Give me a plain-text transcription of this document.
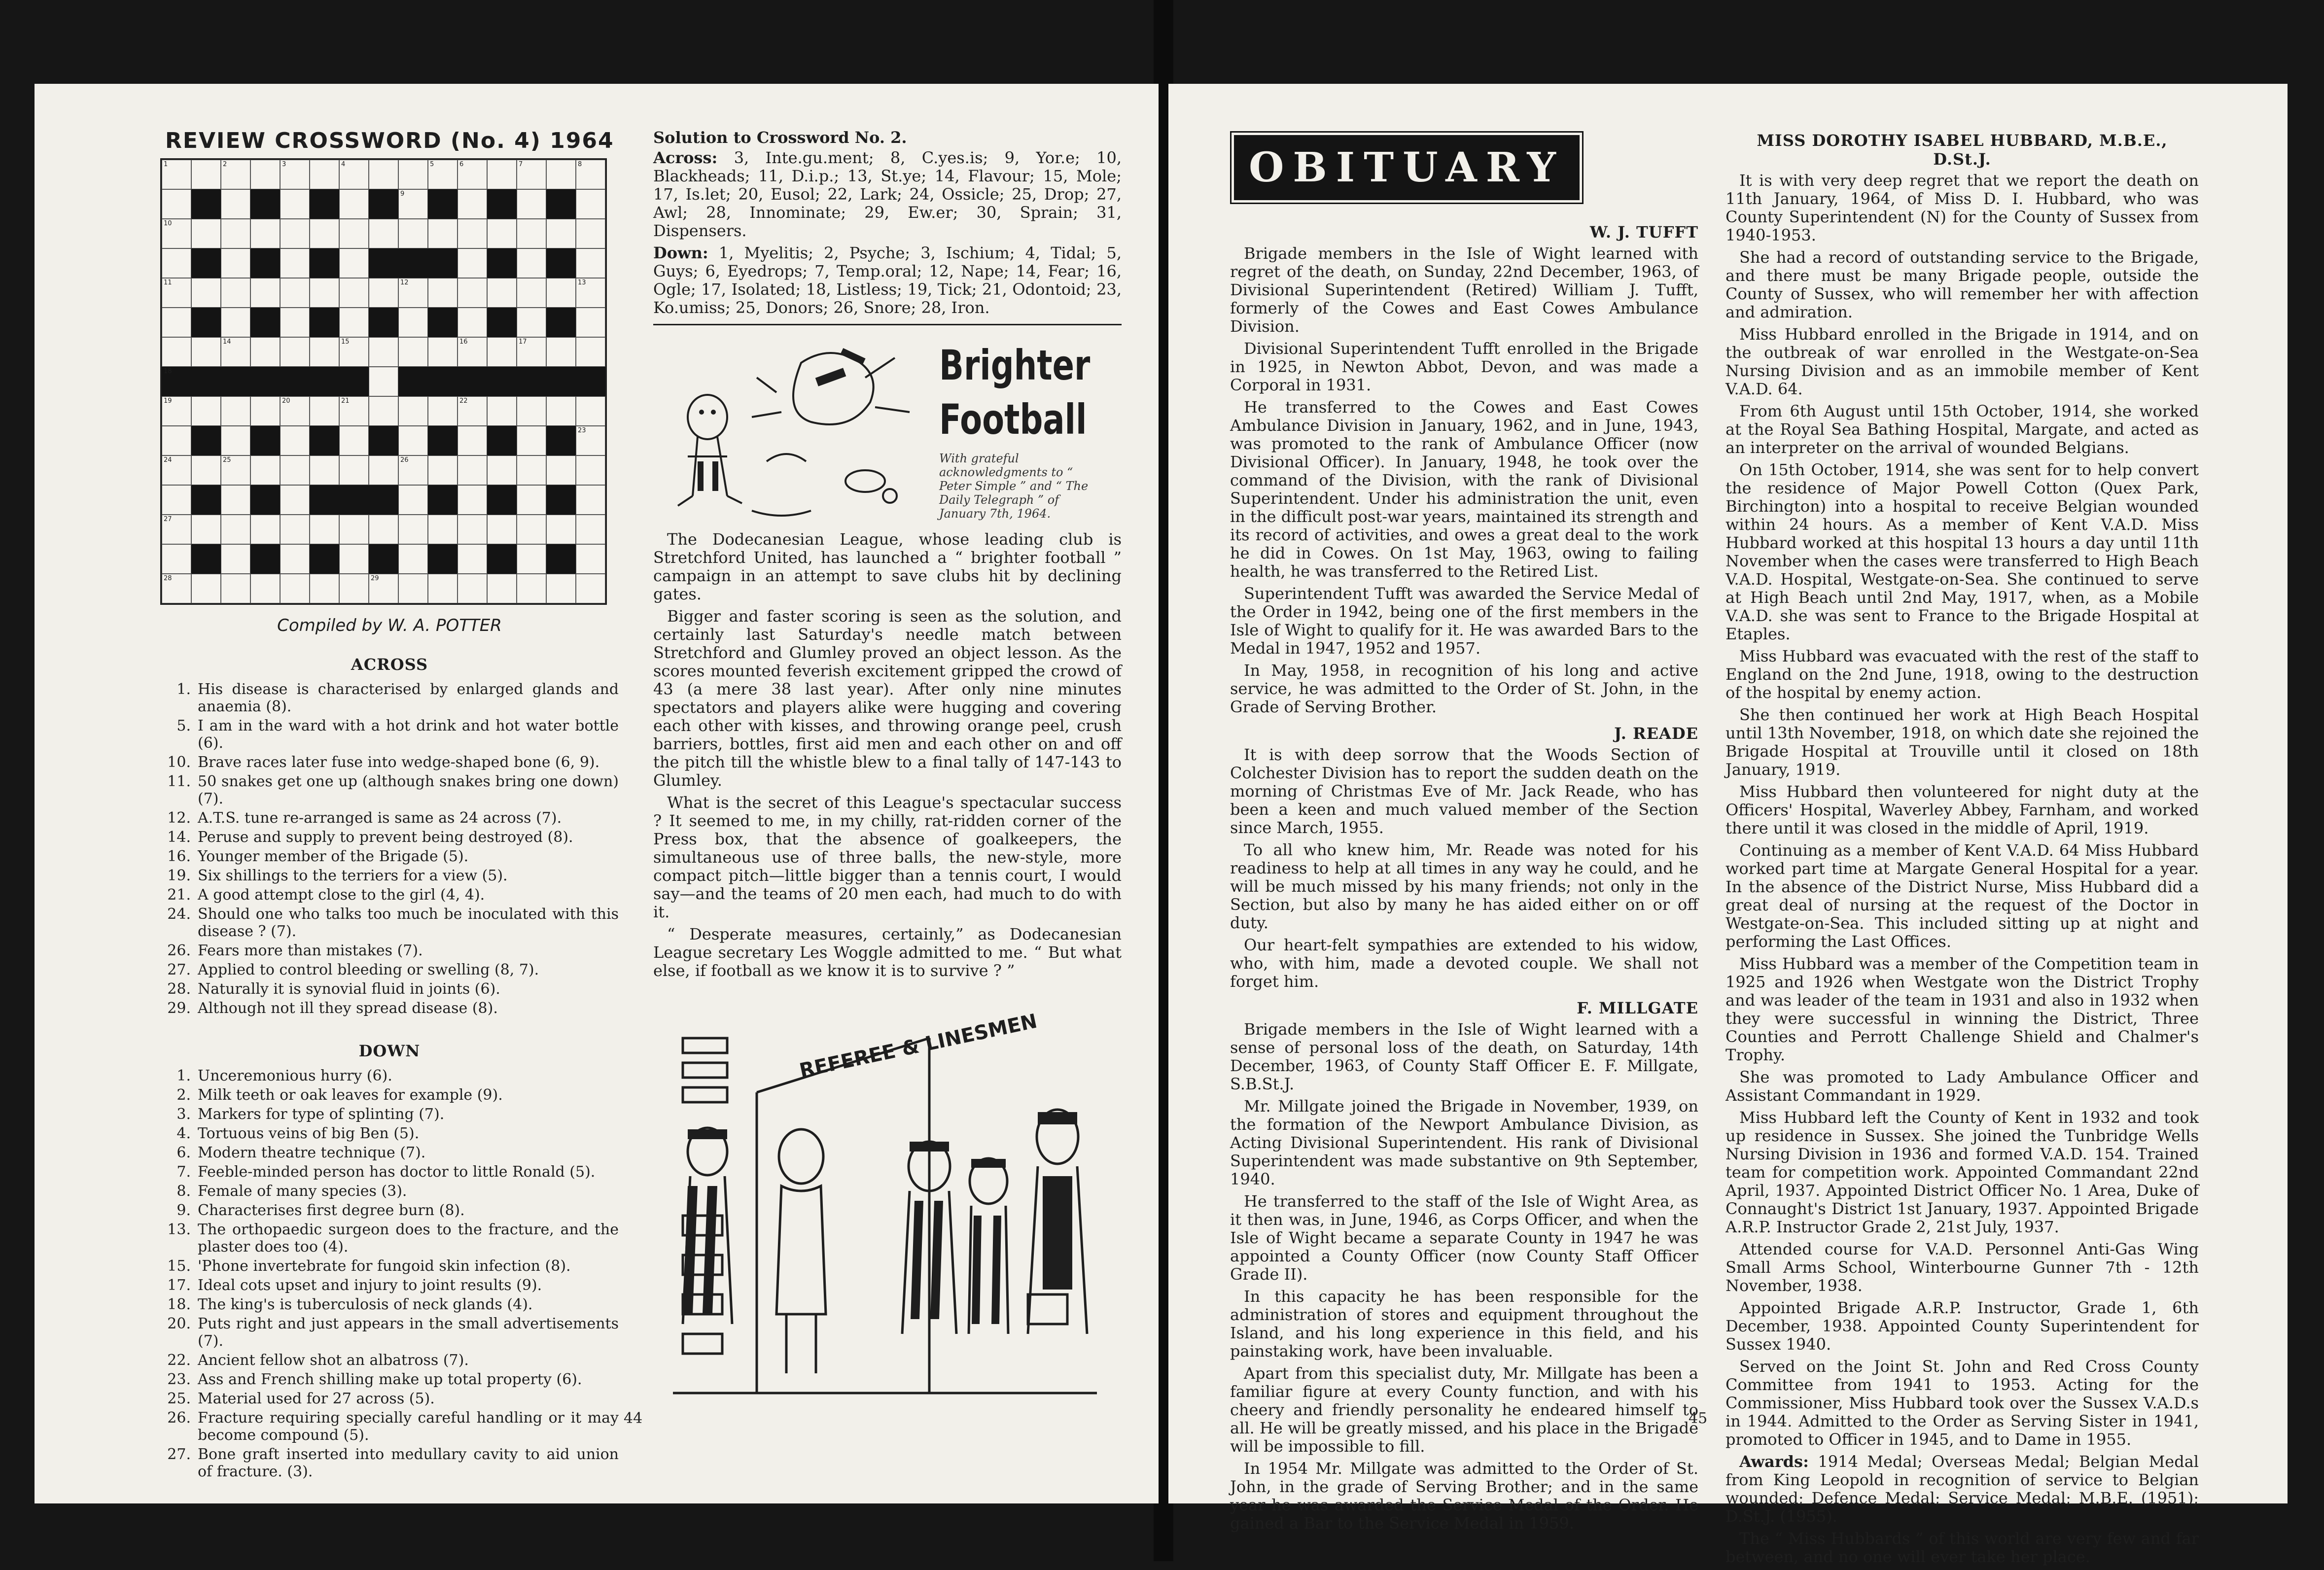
REVIEW CROSSWORD (No. 4) 1964
1	2	3	4	5	6	7	8
9
10
11	12	13
14	15	16	17
18
19	20	21	22
23
24	25	26
27
28	29
Compiled by W. A. POTTER
ACROSS
1. His disease is characterised by enlarged glands and anaemia (8).
5. I am in the ward with a hot drink and hot water bottle (6).
10. Brave races later fuse into wedge-shaped bone (6, 9).
11. 50 snakes get one up (although snakes bring one down) (7).
12. A.T.S. tune re-arranged is same as 24 across (7).
14. Peruse and supply to prevent being destroyed (8).
16. Younger member of the Brigade (5).
19. Six shillings to the terriers for a view (5).
21. A good attempt close to the girl (4, 4).
24. Should one who talks too much be inoculated with this disease ? (7).
26. Fears more than mistakes (7).
27. Applied to control bleeding or swelling (8, 7).
28. Naturally it is synovial fluid in joints (6).
29. Although not ill they spread disease (8).
DOWN
1. Unceremonious hurry (6).
2. Milk teeth or oak leaves for example (9).
3. Markers for type of splinting (7).
4. Tortuous veins of big Ben (5).
6. Modern theatre technique (7).
7. Feeble-minded person has doctor to little Ronald (5).
8. Female of many species (3).
9. Characterises first degree burn (8).
13. The orthopaedic surgeon does to the fracture, and the plaster does too (4).
15. 'Phone invertebrate for fungoid skin infection (8).
17. Ideal cots upset and injury to joint results (9).
18. The king's is tuberculosis of neck glands (4).
20. Puts right and just appears in the small advertisements (7).
22. Ancient fellow shot an albatross (7).
23. Ass and French shilling make up total property (6).
25. Material used for 27 across (5).
26. Fracture requiring specially careful handling or it may become compound (5).
27. Bone graft inserted into medullary cavity to aid union of fracture. (3).
Solution to Crossword No. 2.

Across: 3, Inte.gu.ment; 8, C.yes.is; 9, Yor.e; 10, Blackheads; 11, D.i.p.; 13, St.ye; 14, Flavour; 15, Mole; 17, Is.let; 20, Eusol; 22, Lark; 24, Ossicle; 25, Drop; 27, Awl; 28, Innominate; 29, Ew.er; 30, Sprain; 31, Dispensers.

Down: 1, Myelitis; 2, Psyche; 3, Ischium; 4, Tidal; 5, Guys; 6, Eyedrops; 7, Temp.oral; 12, Nape; 14, Fear; 16, Ogle; 17, Isolated; 18, Listless; 19, Tick; 21, Odontoid; 23, Ko.umiss; 25, Donors; 26, Snore; 28, Iron.

Brighter
Football
With grateful acknowledgments to “ Peter Simple ” and “ The Daily Telegraph ” of January 7th, 1964.

The Dodecanesian League, whose leading club is Stretchford United, has launched a “ brighter football ” campaign in an attempt to save clubs hit by declining gates.

Bigger and faster scoring is seen as the solution, and certainly last Saturday's needle match between Stretchford and Glumley proved an object lesson. As the scores mounted feverish excitement gripped the crowd of 43 (a mere 38 last year). After only nine minutes spectators and players alike were hugging and covering each other with kisses, and throwing orange peel, crush barriers, bottles, first aid men and each other on and off the pitch till the whistle blew to a final tally of 147-143 to Glumley.

What is the secret of this League's spectacular success ? It seemed to me, in my chilly, rat-ridden corner of the Press box, that the absence of goalkeepers, the simultaneous use of three balls, the new-style, more compact pitch—little bigger than a tennis court, I would say—and the teams of 20 men each, had much to do with it.

“ Desperate measures, certainly,” as Dodecanesian League secretary Les Woggle admitted to me. “ But what else, if football as we know it is to survive ? ”

REFEREE & LINESMEN
44
OBITUARY
W. J. TUFFT

Brigade members in the Isle of Wight learned with regret of the death, on Sunday, 22nd December, 1963, of Divisional Superintendent (Retired) William J. Tufft, formerly of the Cowes and East Cowes Ambulance Division.

Divisional Superintendent Tufft enrolled in the Brigade in 1925, in Newton Abbot, Devon, and was made a Corporal in 1931.

He transferred to the Cowes and East Cowes Ambulance Division in January, 1962, and in June, 1943, was promoted to the rank of Ambulance Officer (now Divisional Officer). In January, 1948, he took over the command of the Division, with the rank of Divisional Superintendent. Under his administration the unit, even in the difficult post-war years, maintained its strength and its record of activities, and owes a great deal to the work he did in Cowes. On 1st May, 1963, owing to failing health, he was transferred to the Retired List.

Superintendent Tufft was awarded the Service Medal of the Order in 1942, being one of the first members in the Isle of Wight to qualify for it. He was awarded Bars to the Medal in 1947, 1952 and 1957.

In May, 1958, in recognition of his long and active service, he was admitted to the Order of St. John, in the Grade of Serving Brother.

J. READE

It is with deep sorrow that the Woods Section of Colchester Division has to report the sudden death on the morning of Christmas Eve of Mr. Jack Reade, who has been a keen and much valued member of the Section since March, 1955.

To all who knew him, Mr. Reade was noted for his readiness to help at all times in any way he could, and he will be much missed by his many friends; not only in the Section, but also by many he has aided either on or off duty.

Our heart-felt sympathies are extended to his widow, who, with him, made a devoted couple. We shall not forget him.

F. MILLGATE

Brigade members in the Isle of Wight learned with a sense of personal loss of the death, on Saturday, 14th December, 1963, of County Staff Officer E. F. Millgate, S.B.St.J.

Mr. Millgate joined the Brigade in November, 1939, on the formation of the Newport Ambulance Division, as Acting Divisional Superintendent. His rank of Divisional Superintendent was made substantive on 9th September, 1940.

He transferred to the staff of the Isle of Wight Area, as it then was, in June, 1946, as Corps Officer, and when the Isle of Wight became a separate County in 1947 he was appointed a County Officer (now County Staff Officer Grade II).

In this capacity he has been responsible for the administration of stores and equipment throughout the Island, and his long experience in this field, and his painstaking work, have been invaluable.

Apart from this specialist duty, Mr. Millgate has been a familiar figure at every County function, and with his cheery and friendly personality he endeared himself to all. He will be greatly missed, and his place in the Brigade will be impossible to fill.

In 1954 Mr. Millgate was admitted to the Order of St. John, in the grade of Serving Brother; and in the same year he was awarded the Service Medal of the Order. He gained a Bar to the Service Medal in 1959.

MISS DOROTHY ISABEL HUBBARD, M.B.E., D.St.J.

It is with very deep regret that we report the death on 11th January, 1964, of Miss D. I. Hubbard, who was County Superintendent (N) for the County of Sussex from 1940-1953.

She had a record of outstanding service to the Brigade, and there must be many Brigade people, outside the County of Sussex, who will remember her with affection and admiration.

Miss Hubbard enrolled in the Brigade in 1914, and on the outbreak of war enrolled in the Westgate-on-Sea Nursing Division and as an immobile member of Kent V.A.D. 64.

From 6th August until 15th October, 1914, she worked at the Royal Sea Bathing Hospital, Margate, and acted as an interpreter on the arrival of wounded Belgians.

On 15th October, 1914, she was sent for to help convert the residence of Major Powell Cotton (Quex Park, Birchington) into a hospital to receive Belgian wounded within 24 hours. As a member of Kent V.A.D. Miss Hubbard worked at this hospital 13 hours a day until 11th November when the cases were transferred to High Beach V.A.D. Hospital, Westgate-on-Sea. She continued to serve at High Beach until 2nd May, 1917, when, as a Mobile V.A.D. she was sent to France to the Brigade Hospital at Etaples.

Miss Hubbard was evacuated with the rest of the staff to England on the 2nd June, 1918, owing to the destruction of the hospital by enemy action.

She then continued her work at High Beach Hospital until 13th November, 1918, on which date she rejoined the Brigade Hospital at Trouville until it closed on 18th January, 1919.

Miss Hubbard then volunteered for night duty at the Officers' Hospital, Waverley Abbey, Farnham, and worked there until it was closed in the middle of April, 1919.

Continuing as a member of Kent V.A.D. 64 Miss Hubbard worked part time at Margate General Hospital for a year. In the absence of the District Nurse, Miss Hubbard did a great deal of nursing at the request of the Doctor in Westgate-on-Sea. This included sitting up at night and performing the Last Offices.

Miss Hubbard was a member of the Competition team in 1925 and 1926 when Westgate won the District Trophy and was leader of the team in 1931 and also in 1932 when they were successful in winning the District, Three Counties and Perrott Challenge Shield and Chalmer's Trophy.

She was promoted to Lady Ambulance Officer and Assistant Commandant in 1929.

Miss Hubbard left the County of Kent in 1932 and took up residence in Sussex. She joined the Tunbridge Wells Nursing Division in 1936 and formed V.A.D. 154. Trained team for competition work. Appointed Commandant 22nd April, 1937. Appointed District Officer No. 1 Area, Duke of Connaught's District 1st January, 1937. Appointed Brigade A.R.P. Instructor Grade 2, 21st July, 1937.

Attended course for V.A.D. Personnel Anti-Gas Wing Small Arms School, Winterbourne Gunner 7th - 12th November, 1938.

Appointed Brigade A.R.P. Instructor, Grade 1, 6th December, 1938. Appointed County Superintendent for Sussex 1940.

Served on the Joint St. John and Red Cross County Committee from 1941 to 1953. Acting for the Commissioner, Miss Hubbard took over the Sussex V.A.D.s in 1944. Admitted to the Order as Serving Sister in 1941, promoted to Officer in 1945, and to Dame in 1955.

Awards: 1914 Medal; Overseas Medal; Belgian Medal from King Leopold in recognition of service to Belgian wounded; Defence Medal; Service Medal; M.B.E. (1951); D.St.J. (1955).

The “ Miss Hubbards ” of this world are very few and far between, and no one will ever take her place.

45
